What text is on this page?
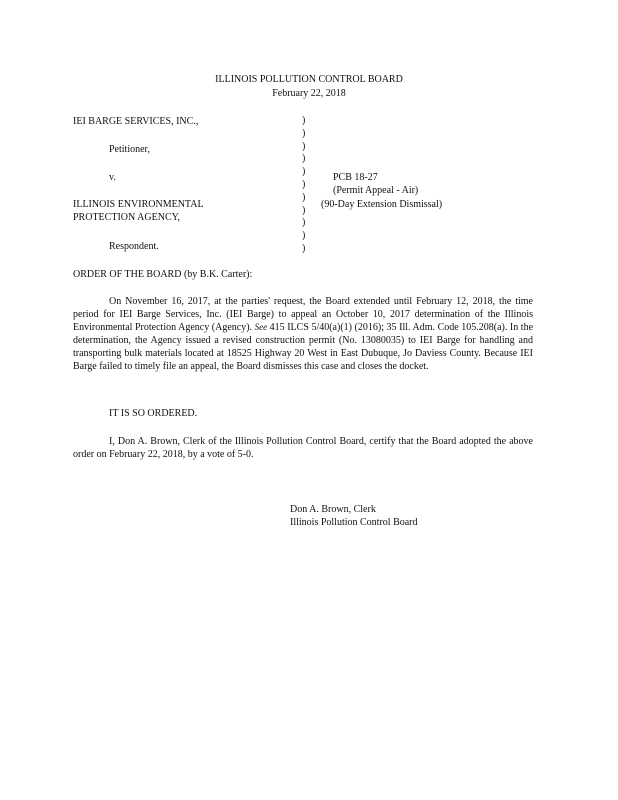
ILLINOIS POLLUTION CONTROL BOARD
February 22, 2018
IEI BARGE SERVICES, INC.,
Petitioner,
v.
ILLINOIS ENVIRONMENTAL
PROTECTION AGENCY,
Respondent.
)
)
)
)
)
)
)
)
)
)
)
PCB 18-27
(Permit Appeal - Air)
(90-Day Extension Dismissal)
ORDER OF THE BOARD (by B.K. Carter):
On November 16, 2017, at the parties' request, the Board extended until February 12, 2018, the time period for IEI Barge Services, Inc. (IEI Barge) to appeal an October 10, 2017 determination of the Illinois Environmental Protection Agency (Agency). See 415 ILCS 5/40(a)(1) (2016); 35 Ill. Adm. Code 105.208(a). In the determination, the Agency issued a revised construction permit (No. 13080035) to IEI Barge for handling and transporting bulk materials located at 18525 Highway 20 West in East Dubuque, Jo Daviess County. Because IEI Barge failed to timely file an appeal, the Board dismisses this case and closes the docket.
IT IS SO ORDERED.
I, Don A. Brown, Clerk of the Illinois Pollution Control Board, certify that the Board adopted the above order on February 22, 2018, by a vote of 5-0.
Don A. Brown, Clerk
Illinois Pollution Control Board
